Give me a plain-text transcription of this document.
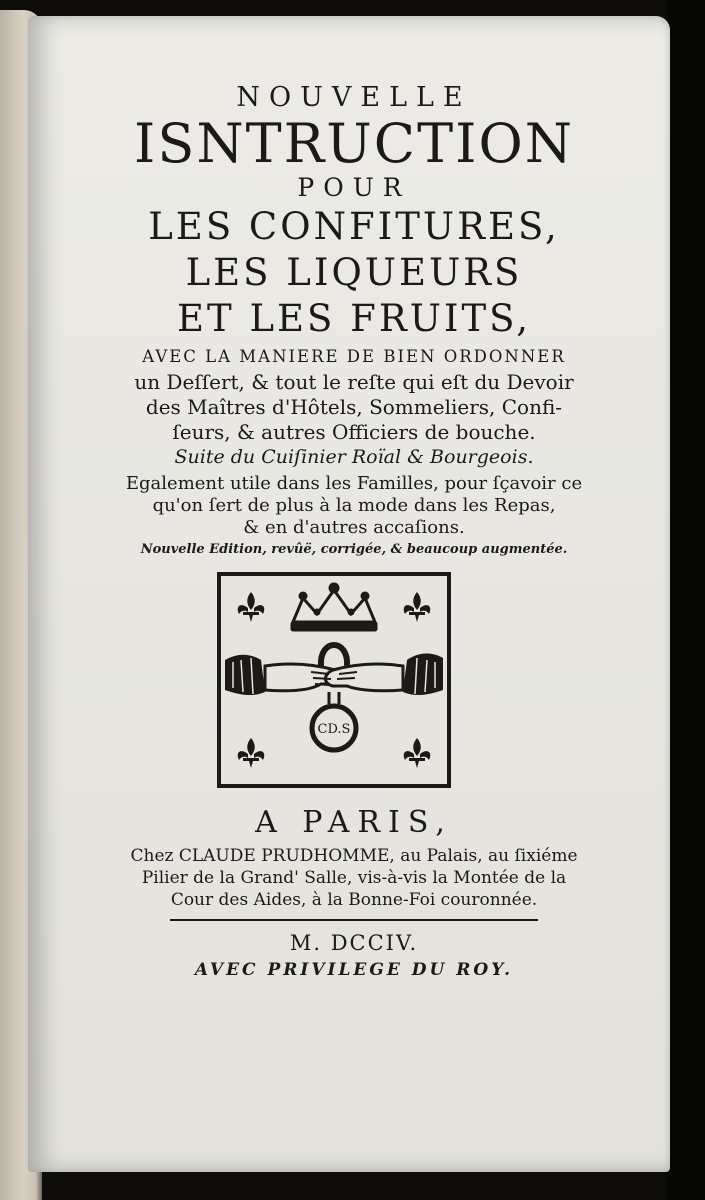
NOUVELLE
ISNTRUCTION
POUR
LES CONFITURES,
LES LIQUEURS
ET LES FRUITS,
AVEC LA MANIERE DE BIEN ORDONNER
un Deſſert, & tout le reſte qui eſt du Devoir
des Maîtres d'Hôtels, Sommeliers, Confi-
ſeurs, & autres Officiers de bouche.
Suite du Cuiſinier Roïal & Bourgeois.
Egalement utile dans les Familles, pour ſçavoir ce
qu'on ſert de plus à la mode dans les Repas,
& en d'autres accaſions.
Nouvelle Edition, revûë, corrigée, & beaucoup augmentée.
CD.S
A PARIS,
Chez CLAUDE PRUDHOMME, au Palais, au ſixiéme
Pilier de la Grand' Salle, vis-à-vis la Montée de la
Cour des Aides, à la Bonne-Foi couronnée.
M. DCCIV.
AVEC PRIVILEGE DU ROY.
